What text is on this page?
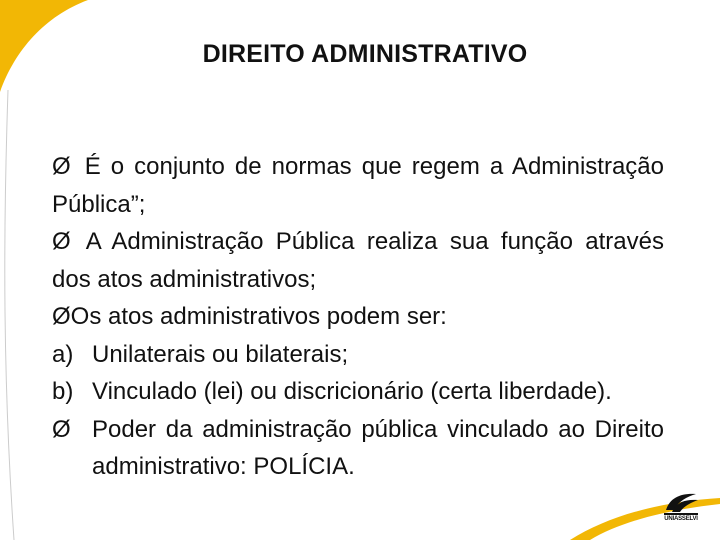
DIREITO ADMINISTRATIVO
Ø É o conjunto de normas que regem a Administração Pública”;
Ø A Administração Pública realiza sua função através dos atos administrativos;
ØOs atos administrativos podem ser:
a) Unilaterais ou bilaterais;
b) Vinculado (lei) ou discricionário (certa liberdade).
Ø Poder da administração pública vinculado ao Direito administrativo: POLÍCIA.
UNIASSELVI
